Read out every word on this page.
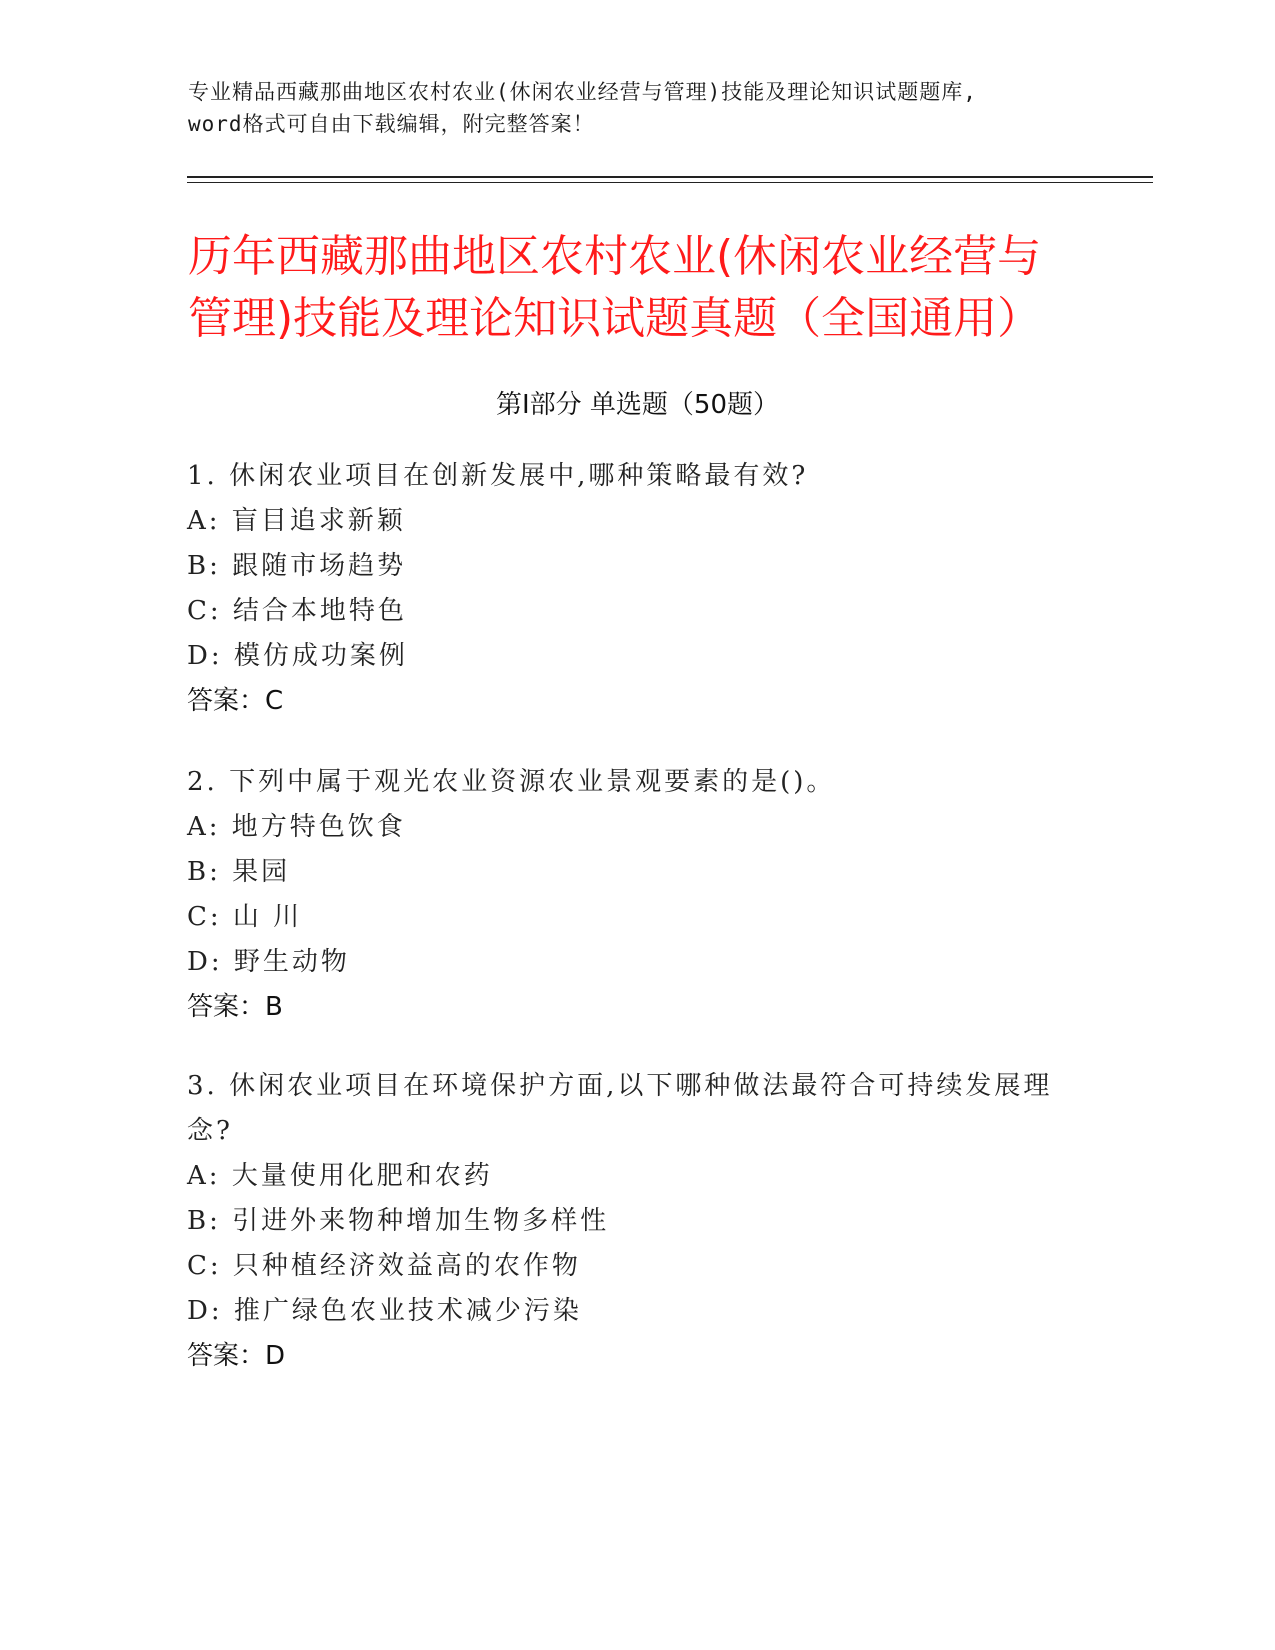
专业精品西藏那曲地区农村农业(休闲农业经营与管理)技能及理论知识试题题库,
word格式可自由下载编辑，附完整答案！
历年西藏那曲地区农村农业(休闲农业经营与
管理)技能及理论知识试题真题（全国通用）
第Ⅰ部分 单选题（50题）
1. 休闲农业项目在创新发展中,哪种策略最有效?
A: 盲目追求新颖
B: 跟随市场趋势
C: 结合本地特色
D: 模仿成功案例
答案：C
2. 下列中属于观光农业资源农业景观要素的是()。
A: 地方特色饮食
B: 果园
C: 山 川
D: 野生动物
答案：B
3. 休闲农业项目在环境保护方面,以下哪种做法最符合可持续发展理
念?
A: 大量使用化肥和农药
B: 引进外来物种增加生物多样性
C: 只种植经济效益高的农作物
D: 推广绿色农业技术减少污染
答案：D
